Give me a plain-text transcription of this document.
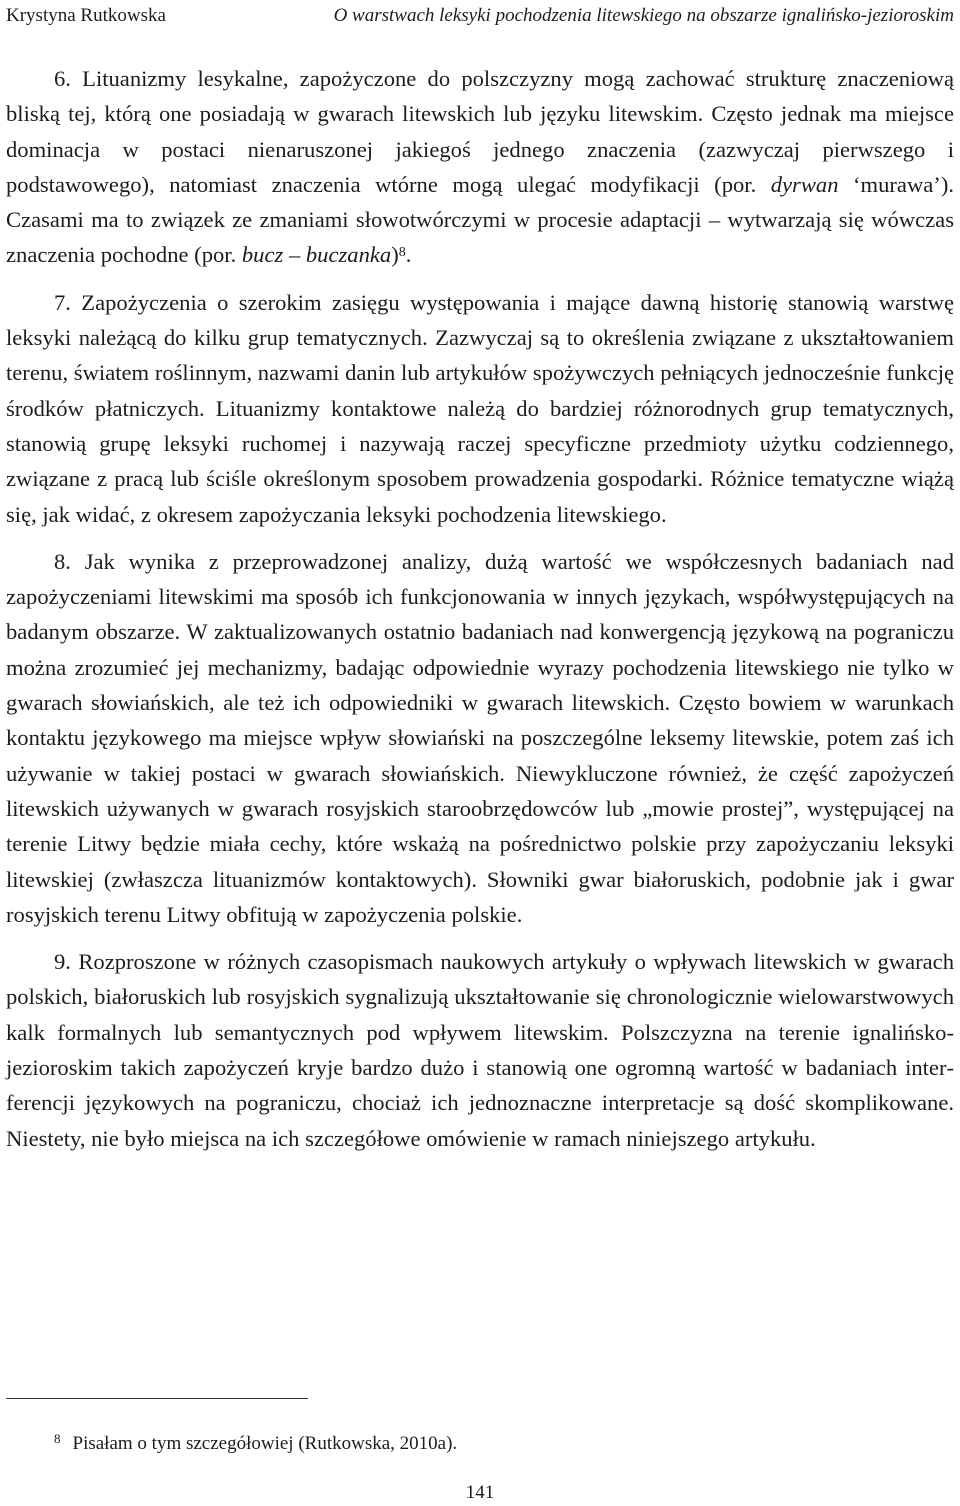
Krystyna Rutkowska	O warstwach leksyki pochodzenia litewskiego na obszarze ignalińsko-jezioroskim

6. Lituanizmy lesykalne, zapożyczone do polszczyzny mogą zachować strukturę znaczeniową bliską tej, którą one posiadają w gwarach litewskich lub języku litewskim. Często jednak ma miejsce dominacja w postaci nienaruszonej jakiegoś jednego znaczenia (zazwyczaj pierwszego i podstawowego), natomiast znaczenia wtórne mogą ulegać modyfikacji (por. dyrwan ‘murawa’). Czasami ma to związek ze zmaniami słowotwórczymi w procesie adaptacji – wytwarzają się wówczas znaczenia pochodne (por. bucz – buczanka)$^8$.

7. Zapożyczenia o szerokim zasięgu występowania i mające dawną historię stanowią warstwę leksyki należącą do kilku grup tematycznych. Zazwyczaj są to określenia związane z ukształtowaniem terenu, światem roślinnym, nazwami danin lub artykułów spożywczych pełniących jednocześnie funkcję środków płatniczych. Lituanizmy kontaktowe należą do bardziej różnorodnych grup tematycznych, stanowią grupę leksyki ruchomej i nazywają raczej specyficzne przedmioty użytku codziennego, związane z pracą lub ściśle określonym sposobem prowadzenia gospodarki. Różnice tematyczne wiążą się, jak widać, z okresem zapożyczania leksyki pochodzenia litewskiego.

8. Jak wynika z przeprowadzonej analizy, dużą wartość we współczesnych badaniach nad zapożyczeniami litewskimi ma sposób ich funkcjonowania w innych językach, współwystępujących na badanym obszarze. W zaktualizowanych ostatnio badaniach nad konwergencją językową na pograniczu można zrozumieć jej mechanizmy, badając odpowiednie wyrazy pochodzenia litewskiego nie tylko w gwarach słowiańskich, ale też ich odpowiedniki w gwarach litewskich. Często bowiem w warunkach kontaktu językowego ma miejsce wpływ słowiański na poszczególne leksemy litewskie, potem zaś ich używanie w takiej postaci w gwarach słowiańskich. Niewykluczone również, że część zapożyczeń litewskich używanych w gwarach rosyjskich staroobrzędowców lub „mowie prostej”, występującej na terenie Litwy będzie miała cechy, które wskażą na pośrednictwo polskie przy zapożyczaniu leksyki litewskiej (zwłaszcza lituanizmów kontaktowych). Słowniki gwar białoruskich, podobnie jak i gwar rosyjskich terenu Litwy obfitują w zapożyczenia polskie.

9. Rozproszone w różnych czasopismach naukowych artykuły o wpływach litewskich w gwarach polskich, białoruskich lub rosyjskich sygnalizują ukształtowanie się chronologicznie wielowarstwowych kalk formalnych lub semantycznych pod wpływem litewskim. Polszczyzna na terenie ignalińsko-jezioroskim takich zapożyczeń kryje bardzo dużo i stanowią one ogromną wartość w badaniach interferencji językowych na pograniczu, chociaż ich jednoznaczne interpretacje są dość skomplikowane. Niestety, nie było miejsca na ich szczegółowe omówienie w ramach niniejszego artykułu.

$^8$ Pisałam o tym szczegółowiej (Rutkowska, 2010a).
141
